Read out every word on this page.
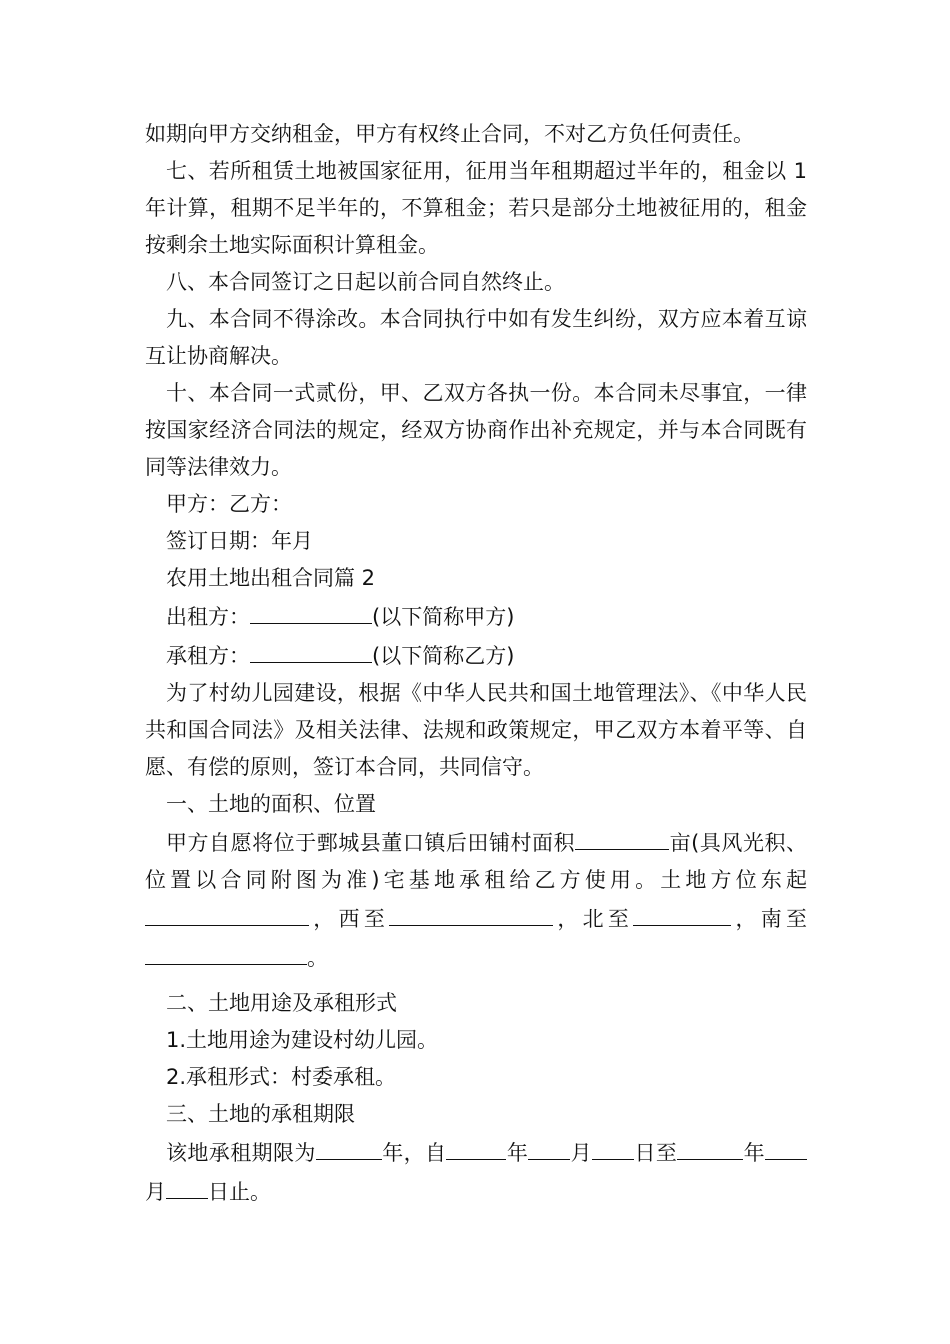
如期向甲方交纳租金，甲方有权终止合同，不对乙方负任何责任。

七、若所租赁土地被国家征用，征用当年租期超过半年的，租金以 1 年计算，租期不足半年的，不算租金；若只是部分土地被征用的，租金按剩余土地实际面积计算租金。

八、本合同签订之日起以前合同自然终止。

九、本合同不得涂改。本合同执行中如有发生纠纷，双方应本着互谅互让协商解决。

十、本合同一式贰份，甲、乙双方各执一份。本合同未尽事宜，一律按国家经济合同法的规定，经双方协商作出补充规定，并与本合同既有同等法律效力。

甲方：乙方：

签订日期：年月

农用土地出租合同篇 2

出租方：	(以下简称甲方)

承租方：	(以下简称乙方)

为了村幼儿园建设，根据《中华人民共和国土地管理法》、《中华人民共和国合同法》及相关法律、法规和政策规定，甲乙双方本着平等、自愿、有偿的原则，签订本合同，共同信守。

一、土地的面积、位置

甲方自愿将位于鄄城县董口镇后田铺村面积	亩(具风光积、位置以合同附图为准)宅基地承租给乙方使用。土地方位东起，西至	，北至	，南至。

二、土地用途及承租形式

1.土地用途为建设村幼儿园。

2.承租形式：村委承租。

三、土地的承租期限

该地承租期限为	年，自	年 月 日至	年月 日止。
